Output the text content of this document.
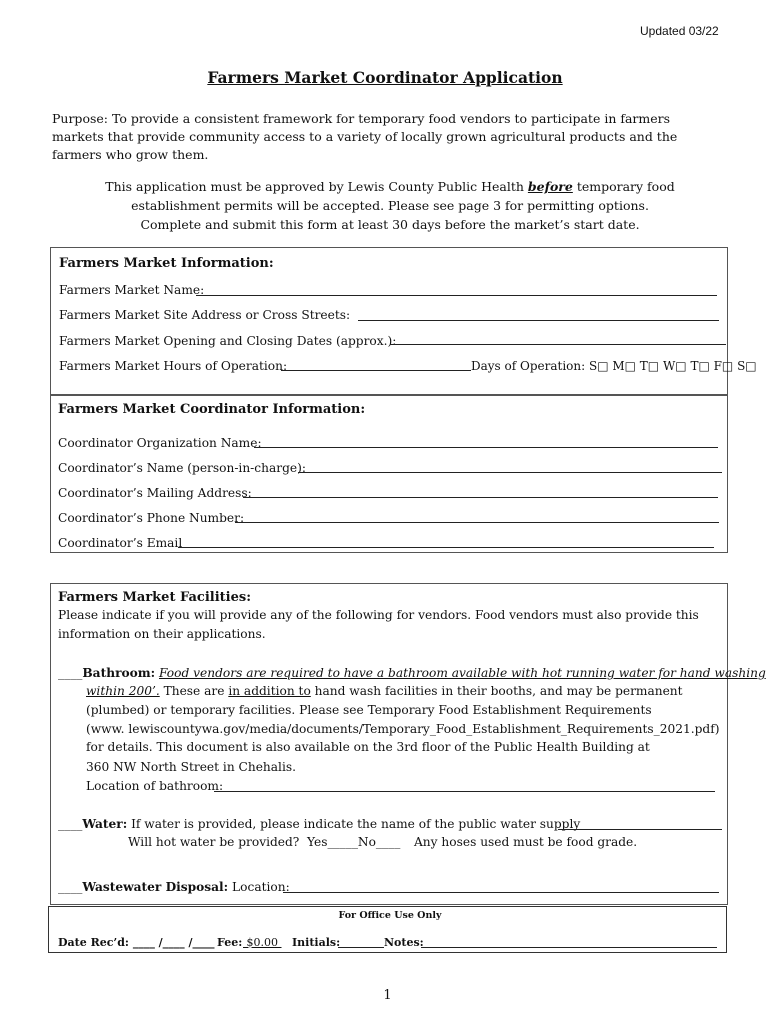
Updated 03/22
Farmers Market Coordinator Application
Purpose: To provide a consistent framework for temporary food vendors to participate in farmers
markets that provide community access to a variety of locally grown agricultural products and the
farmers who grow them.
This application must be approved by Lewis County Public Health before temporary food
establishment permits will be accepted. Please see page 3 for permitting options.
Complete and submit this form at least 30 days before the market’s start date.
Farmers Market Information:
Farmers Market Name:
Farmers Market Site Address or Cross Streets:
Farmers Market Opening and Closing Dates (approx.):
Farmers Market Hours of Operation:	Days of Operation: S□ M□ T□ W□ T□ F□ S□
Farmers Market Coordinator Information:
Coordinator Organization Name:
Coordinator’s Name (person-in-charge):
Coordinator’s Mailing Address:
Coordinator’s Phone Number:
Coordinator’s Email
Farmers Market Facilities:
Please indicate if you will provide any of the following for vendors. Food vendors must also provide this
information on their applications.
____Bathroom: Food vendors are required to have a bathroom available with hot running water for hand washing
within 200’. These are in addition to hand wash facilities in their booths, and may be permanent
(plumbed) or temporary facilities. Please see Temporary Food Establishment Requirements
(www. lewiscountywa.gov/media/documents/Temporary_Food_Establishment_Requirements_2021.pdf)
for details. This document is also available on the 3rd floor of the Public Health Building at
360 NW North Street in Chehalis.
Location of bathroom:
____Water: If water is provided, please indicate the name of the public water supply
Will hot water be provided? Yes_____No____ Any hoses used must be food grade.
____Wastewater Disposal: Location:
For Office Use Only
Date Rec’d: ____ /____ /____ Fee: $0.00	Initials:	Notes:
1
